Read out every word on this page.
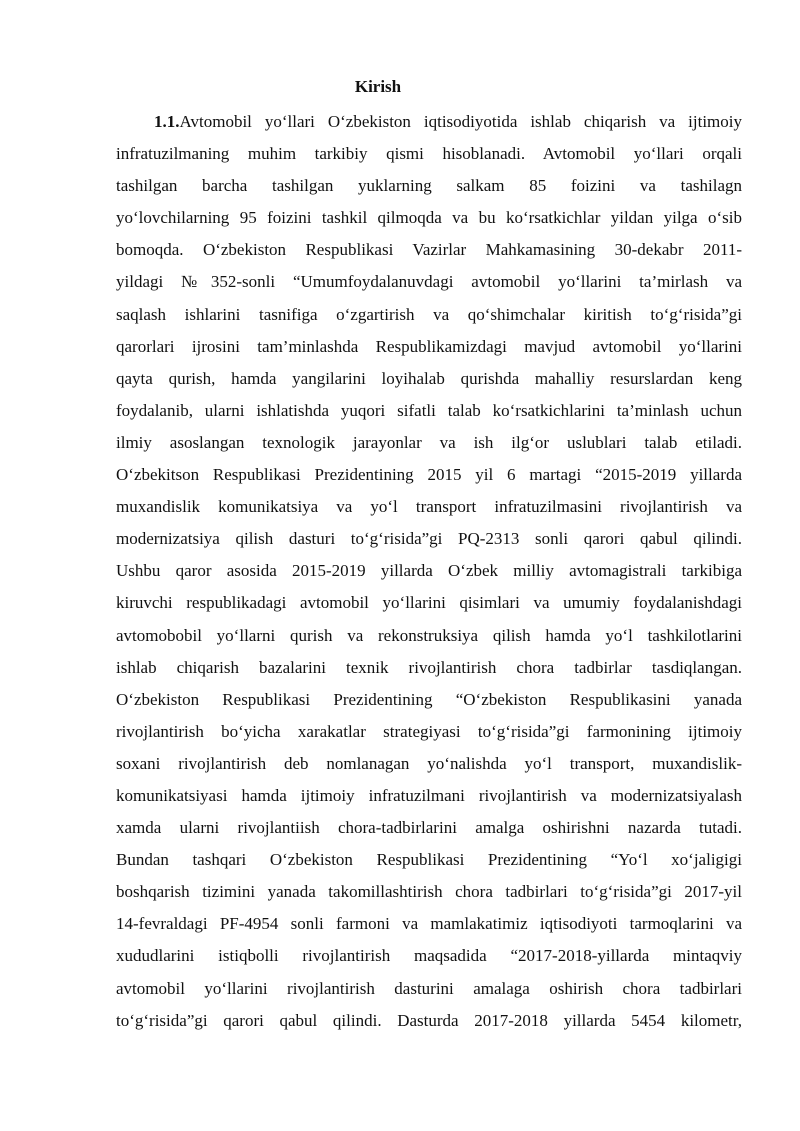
Kirish
1.1.Avtomobil yo‘llari O‘zbekiston iqtisodiyotida ishlab chiqarish va ijtimoiy
infratuzilmaning muhim tarkibiy qismi hisoblanadi. Avtomobil yo‘llari orqali
tashilgan barcha tashilgan yuklarning salkam 85 foizini va tashilagn
yo‘lovchilarning 95 foizini tashkil qilmoqda va bu ko‘rsatkichlar yildan yilga o‘sib
bomoqda. O‘zbekiston Respublikasi Vazirlar Mahkamasining 30-dekabr 2011-
yildagi №352-sonli “Umumfoydalanuvdagi avtomobil yo‘llarini ta’mirlash va
saqlash ishlarini tasnifiga o‘zgartirish va qo‘shimchalar kiritish to‘g‘risida”gi
qarorlari ijrosini tam’minlashda Respublikamizdagi mavjud avtomobil yo‘llarini
qayta qurish, hamda yangilarini loyihalab qurishda mahalliy resurslardan keng
foydalanib, ularni ishlatishda yuqori sifatli talab ko‘rsatkichlarini ta’minlash uchun
ilmiy asoslangan texnologik jarayonlar va ish ilg‘or uslublari talab etiladi.
O‘zbekitson Respublikasi Prezidentining 2015 yil 6 martagi “2015-2019 yillarda
muxandislik komunikatsiya va yo‘l transport infratuzilmasini rivojlantirish va
modernizatsiya qilish dasturi to‘g‘risida”gi PQ-2313 sonli qarori qabul qilindi.
Ushbu qaror asosida 2015-2019 yillarda O‘zbek milliy avtomagistrali tarkibiga
kiruvchi respublikadagi avtomobil yo‘llarini qisimlari va umumiy foydalanishdagi
avtomobobil yo‘llarni qurish va rekonstruksiya qilish hamda yo‘l tashkilotlarini
ishlab chiqarish bazalarini texnik rivojlantirish chora tadbirlar tasdiqlangan.
O‘zbekiston Respublikasi Prezidentining “O‘zbekiston Respublikasini yanada
rivojlantirish bo‘yicha xarakatlar strategiyasi to‘g‘risida”gi farmonining ijtimoiy
soxani rivojlantirish deb nomlanagan yo‘nalishda yo‘l transport, muxandislik-
komunikatsiyasi hamda ijtimoiy infratuzilmani rivojlantirish va modernizatsiyalash
xamda ularni rivojlantiish chora-tadbirlarini amalga oshirishni nazarda tutadi.
Bundan tashqari O‘zbekiston Respublikasi Prezidentining “Yo‘l xo‘jaligigi
boshqarish tizimini yanada takomillashtirish chora tadbirlari to‘g‘risida”gi 2017-yil
14-fevraldagi PF-4954 sonli farmoni va mamlakatimiz iqtisodiyoti tarmoqlarini va
xududlarini istiqbolli rivojlantirish maqsadida “2017-2018-yillarda mintaqviy
avtomobil yo‘llarini rivojlantirish dasturini amalaga oshirish chora tadbirlari
to‘g‘risida”gi qarori qabul qilindi. Dasturda 2017-2018 yillarda 5454 kilometr,
